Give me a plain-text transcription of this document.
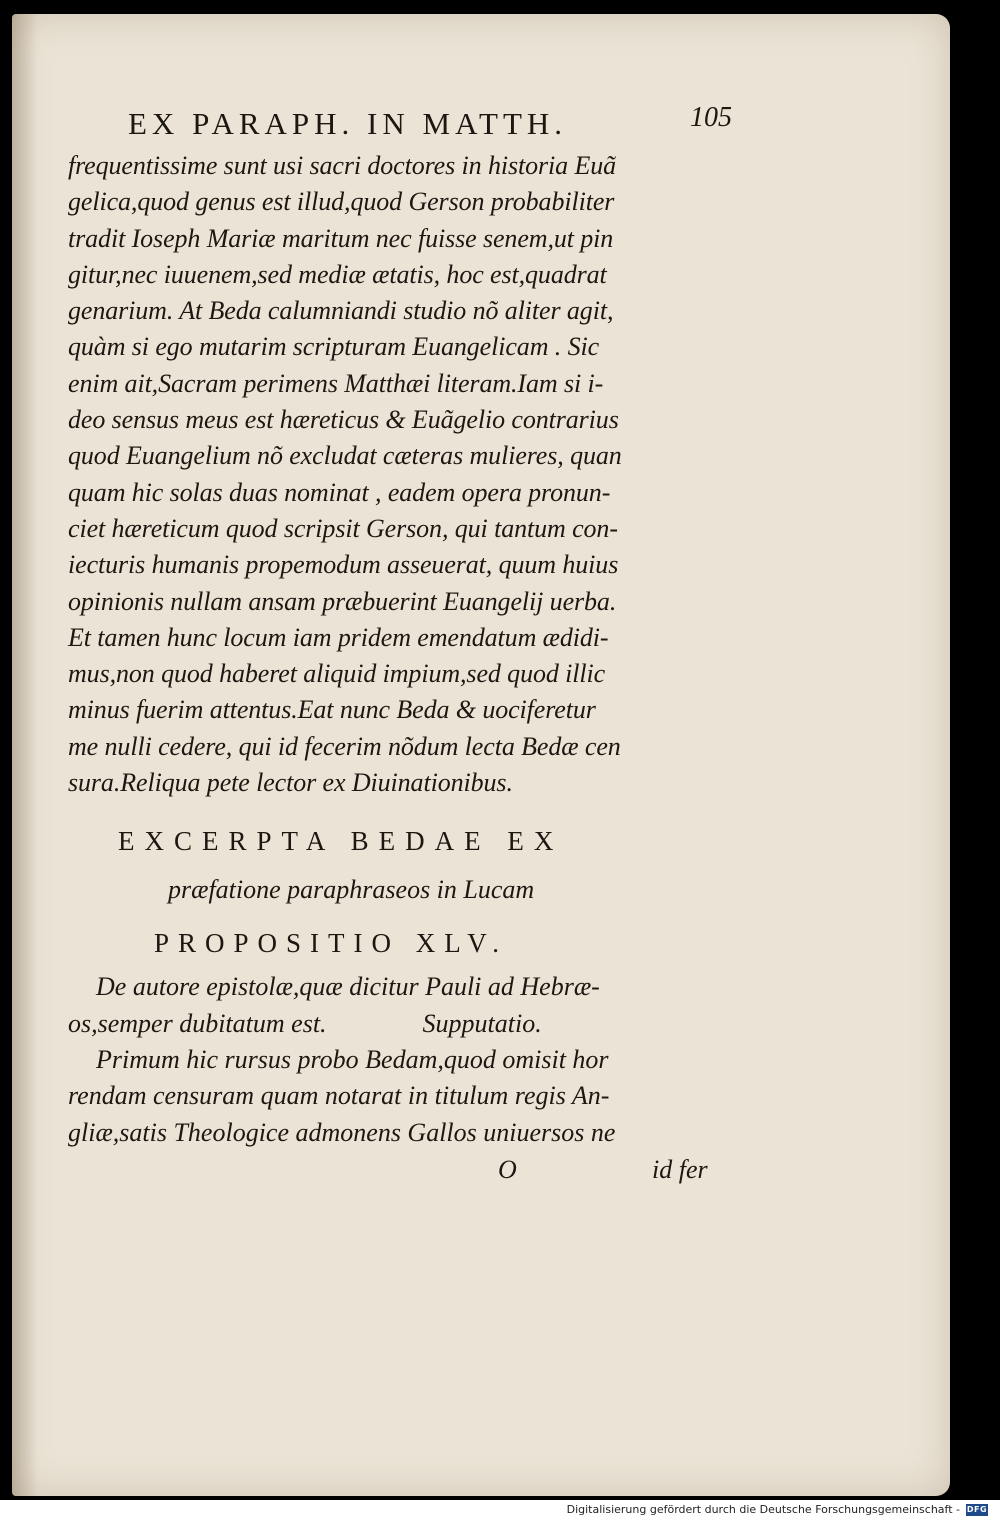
EX PARAPH. IN MATTH.	105
frequentissime sunt usi sacri doctores in historia Euã
gelica,quod genus est illud,quod Gerson probabiliter
tradit Ioseph Mariæ maritum nec fuisse senem,ut pin
gitur,nec iuuenem,sed mediæ ætatis, hoc est,quadrat
genarium. At Beda calumniandi studio nõ aliter agit,
quàm si ego mutarim scripturam Euangelicam . Sic
enim ait,Sacram perimens Matthæi literam.Iam si i-
deo sensus meus est hæreticus & Euãgelio contrarius
quod Euangelium nõ excludat cæteras mulieres, quan
quam hic solas duas nominat , eadem opera pronun-
ciet hæreticum quod scripsit Gerson, qui tantum con-
iecturis humanis propemodum asseuerat, quum huius
opinionis nullam ansam præbuerint Euangelij uerba.
Et tamen hunc locum iam pridem emendatum ædidi-
mus,non quod haberet aliquid impium,sed quod illic
minus fuerim attentus.Eat nunc Beda & uociferetur
me nulli cedere, qui id fecerim nõdum lecta Bedæ cen
sura.Reliqua pete lector ex Diuinationibus.
EXCERPTA BEDAE EX
præfatione paraphraseos in Lucam
PROPOSITIO XLV.
De autore epistolæ,quæ dicitur Pauli ad Hebræ-
os,semper dubitatum est.	Supputatio.
Primum hic rursus probo Bedam,quod omisit hor
rendam censuram quam notarat in titulum regis An-
gliæ,satis Theologice admonens Gallos uniuersos ne
O	id fer
Digitalisierung gefördert durch die Deutsche Forschungsgemeinschaft - DFG
